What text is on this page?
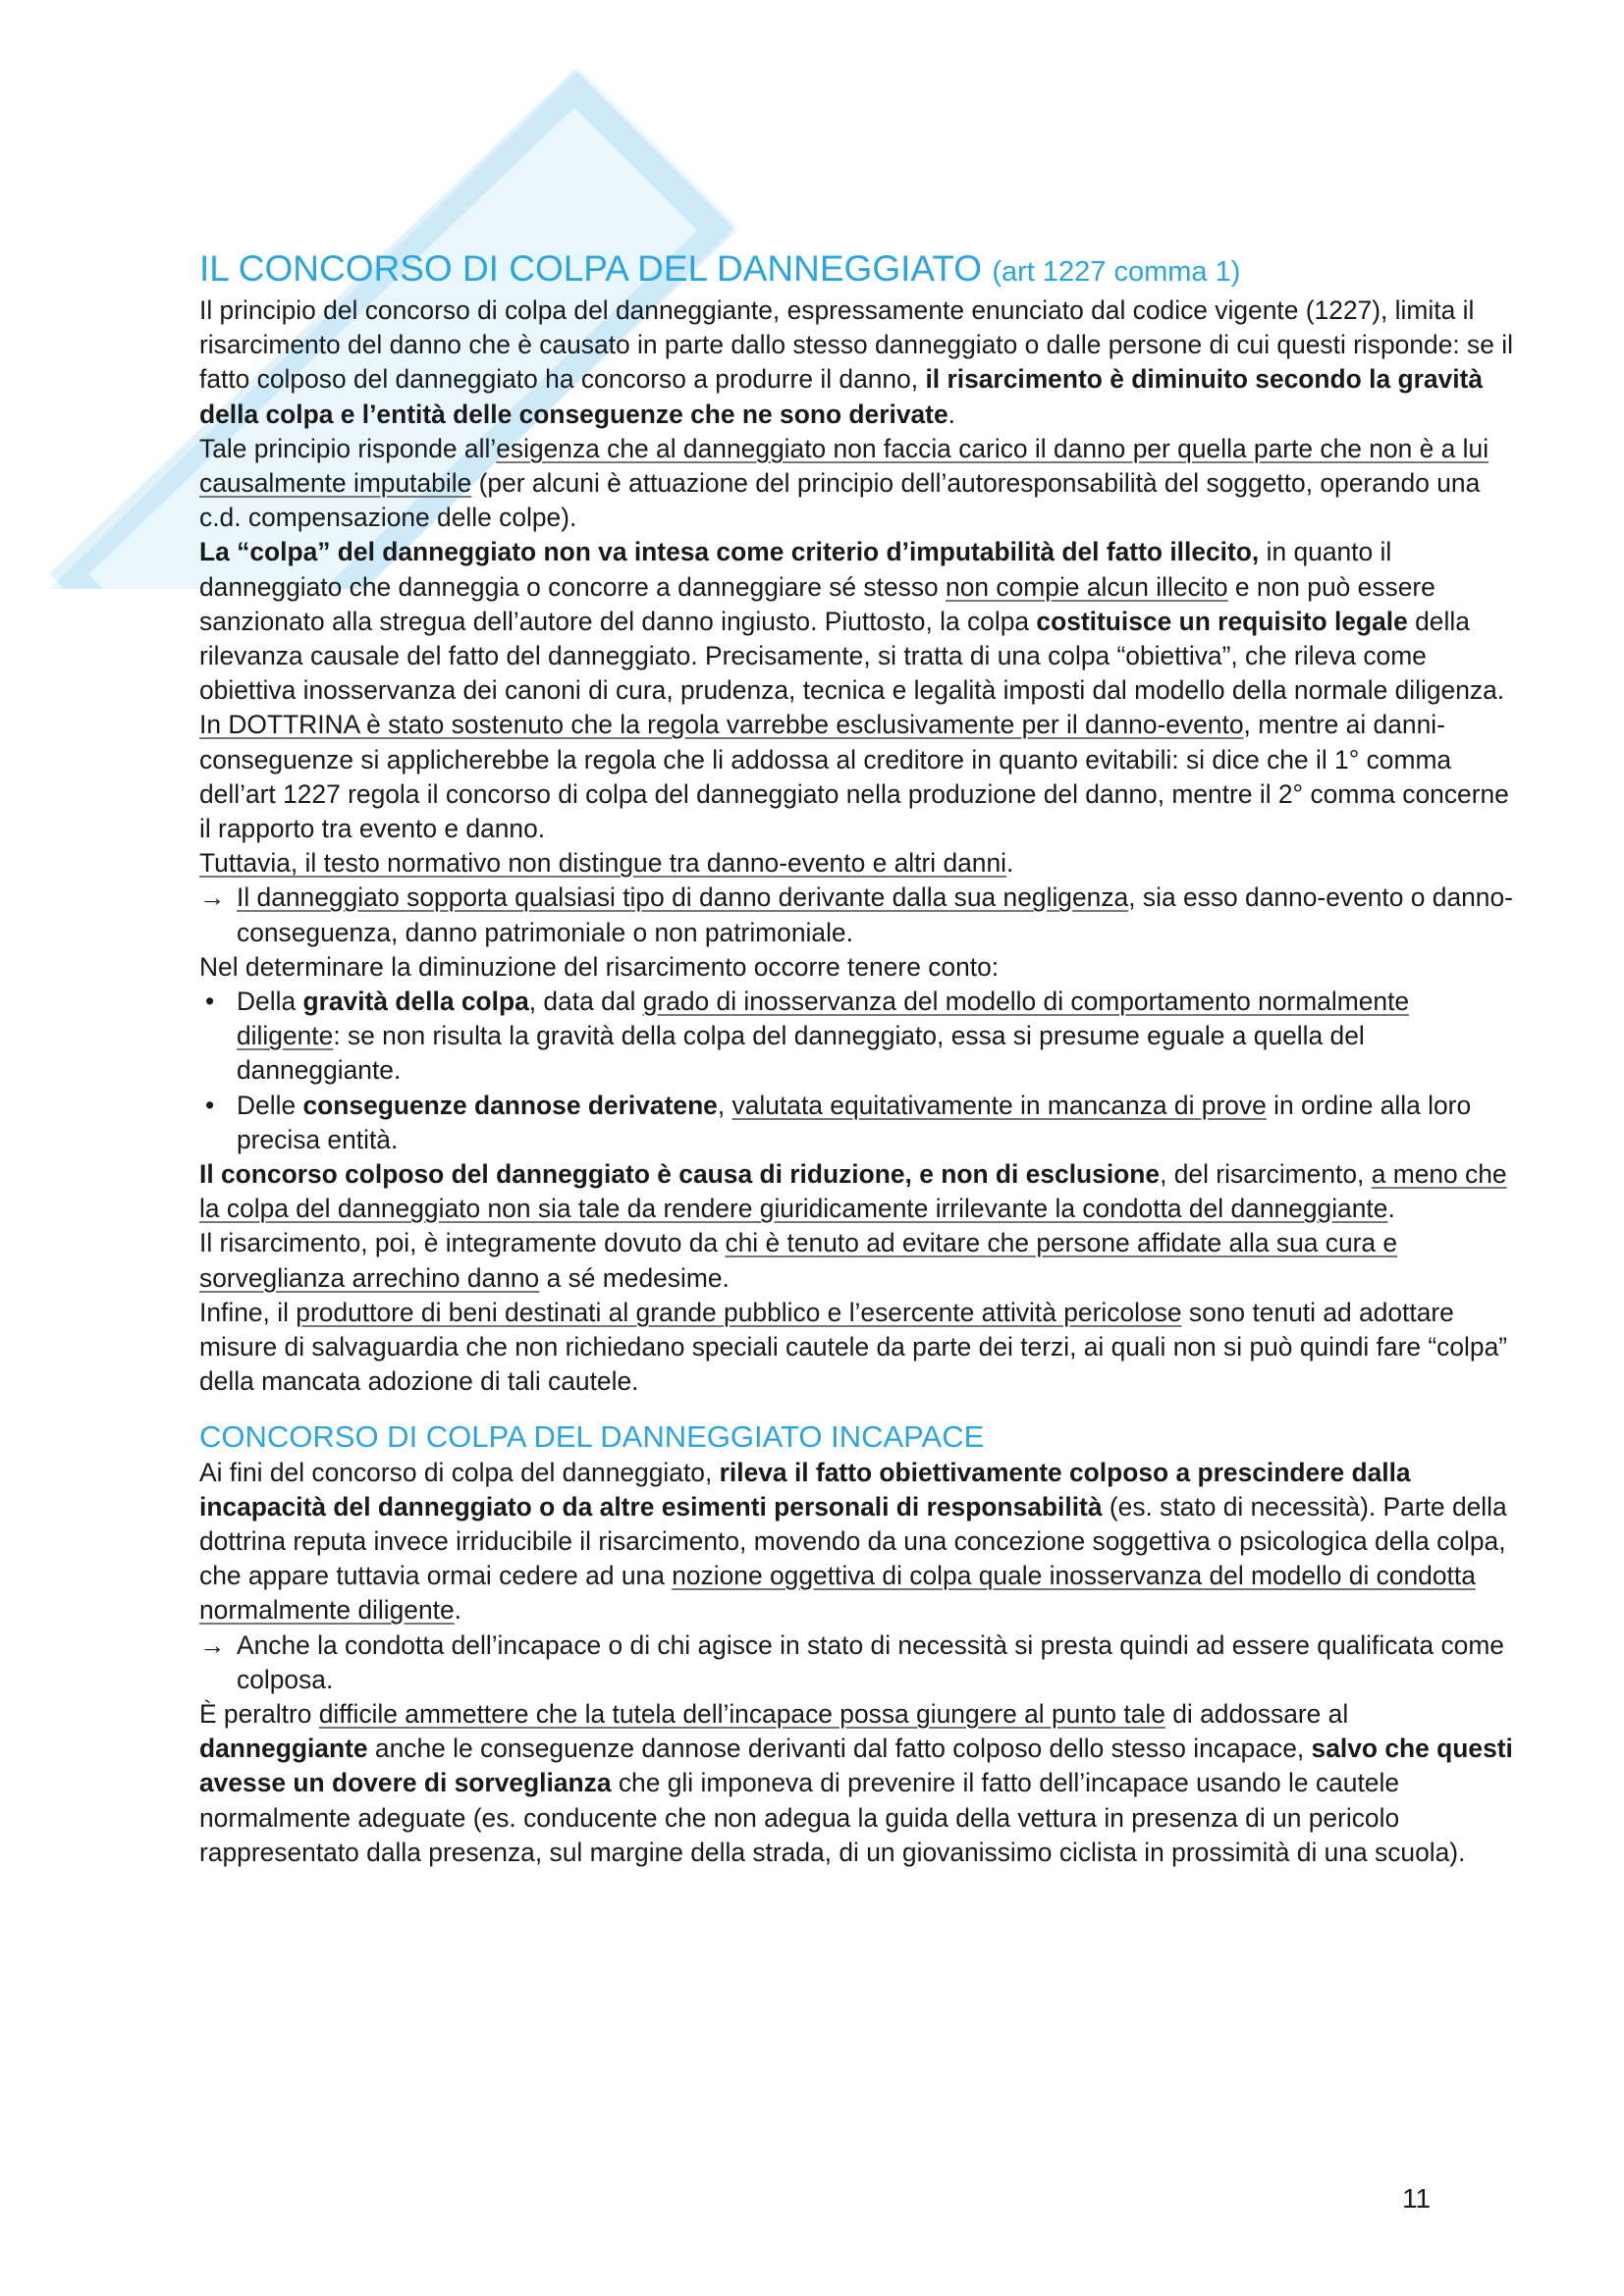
IL CONCORSO DI COLPA DEL DANNEGGIATO (art 1227 comma 1)

Il principio del concorso di colpa del danneggiante, espressamente enunciato dal codice vigente (1227), limita il risarcimento del danno che è causato in parte dallo stesso danneggiato o dalle persone di cui questi risponde: se il fatto colposo del danneggiato ha concorso a produrre il danno, il risarcimento è diminuito secondo la gravità della colpa e l’entità delle conseguenze che ne sono derivate.

Tale principio risponde all’esigenza che al danneggiato non faccia carico il danno per quella parte che non è a lui causalmente imputabile (per alcuni è attuazione del principio dell’autoresponsabilità del soggetto, operando una c.d. compensazione delle colpe).

La “colpa” del danneggiato non va intesa come criterio d’imputabilità del fatto illecito, in quanto il danneggiato che danneggia o concorre a danneggiare sé stesso non compie alcun illecito e non può essere sanzionato alla stregua dell’autore del danno ingiusto. Piuttosto, la colpa costituisce un requisito legale della rilevanza causale del fatto del danneggiato. Precisamente, si tratta di una colpa “obiettiva”, che rileva come obiettiva inosservanza dei canoni di cura, prudenza, tecnica e legalità imposti dal modello della normale diligenza.

In DOTTRINA è stato sostenuto che la regola varrebbe esclusivamente per il danno-evento, mentre ai danni-conseguenze si applicherebbe la regola che li addossa al creditore in quanto evitabili: si dice che il 1° comma dell’art 1227 regola il concorso di colpa del danneggiato nella produzione del danno, mentre il 2° comma concerne il rapporto tra evento e danno.

Tuttavia, il testo normativo non distingue tra danno-evento e altri danni.

→ Il danneggiato sopporta qualsiasi tipo di danno derivante dalla sua negligenza, sia esso danno-evento o danno-conseguenza, danno patrimoniale o non patrimoniale.

Nel determinare la diminuzione del risarcimento occorre tenere conto:

• Della gravità della colpa, data dal grado di inosservanza del modello di comportamento normalmente diligente: se non risulta la gravità della colpa del danneggiato, essa si presume eguale a quella del danneggiante.
• Delle conseguenze dannose derivatene, valutata equitativamente in mancanza di prove in ordine alla loro precisa entità.

Il concorso colposo del danneggiato è causa di riduzione, e non di esclusione, del risarcimento, a meno che la colpa del danneggiato non sia tale da rendere giuridicamente irrilevante la condotta del danneggiante.

Il risarcimento, poi, è integramente dovuto da chi è tenuto ad evitare che persone affidate alla sua cura e sorveglianza arrechino danno a sé medesime.

Infine, il produttore di beni destinati al grande pubblico e l’esercente attività pericolose sono tenuti ad adottare misure di salvaguardia che non richiedano speciali cautele da parte dei terzi, ai quali non si può quindi fare “colpa” della mancata adozione di tali cautele.

CONCORSO DI COLPA DEL DANNEGGIATO INCAPACE

Ai fini del concorso di colpa del danneggiato, rileva il fatto obiettivamente colposo a prescindere dalla incapacità del danneggiato o da altre esimenti personali di responsabilità (es. stato di necessità). Parte della dottrina reputa invece irriducibile il risarcimento, movendo da una concezione soggettiva o psicologica della colpa, che appare tuttavia ormai cedere ad una nozione oggettiva di colpa quale inosservanza del modello di condotta normalmente diligente.

→ Anche la condotta dell’incapace o di chi agisce in stato di necessità si presta quindi ad essere qualificata come colposa.

È peraltro difficile ammettere che la tutela dell’incapace possa giungere al punto tale di addossare al danneggiante anche le conseguenze dannose derivanti dal fatto colposo dello stesso incapace, salvo che questi avesse un dovere di sorveglianza che gli imponeva di prevenire il fatto dell’incapace usando le cautele normalmente adeguate (es. conducente che non adegua la guida della vettura in presenza di un pericolo rappresentato dalla presenza, sul margine della strada, di un giovanissimo ciclista in prossimità di una scuola).

11
